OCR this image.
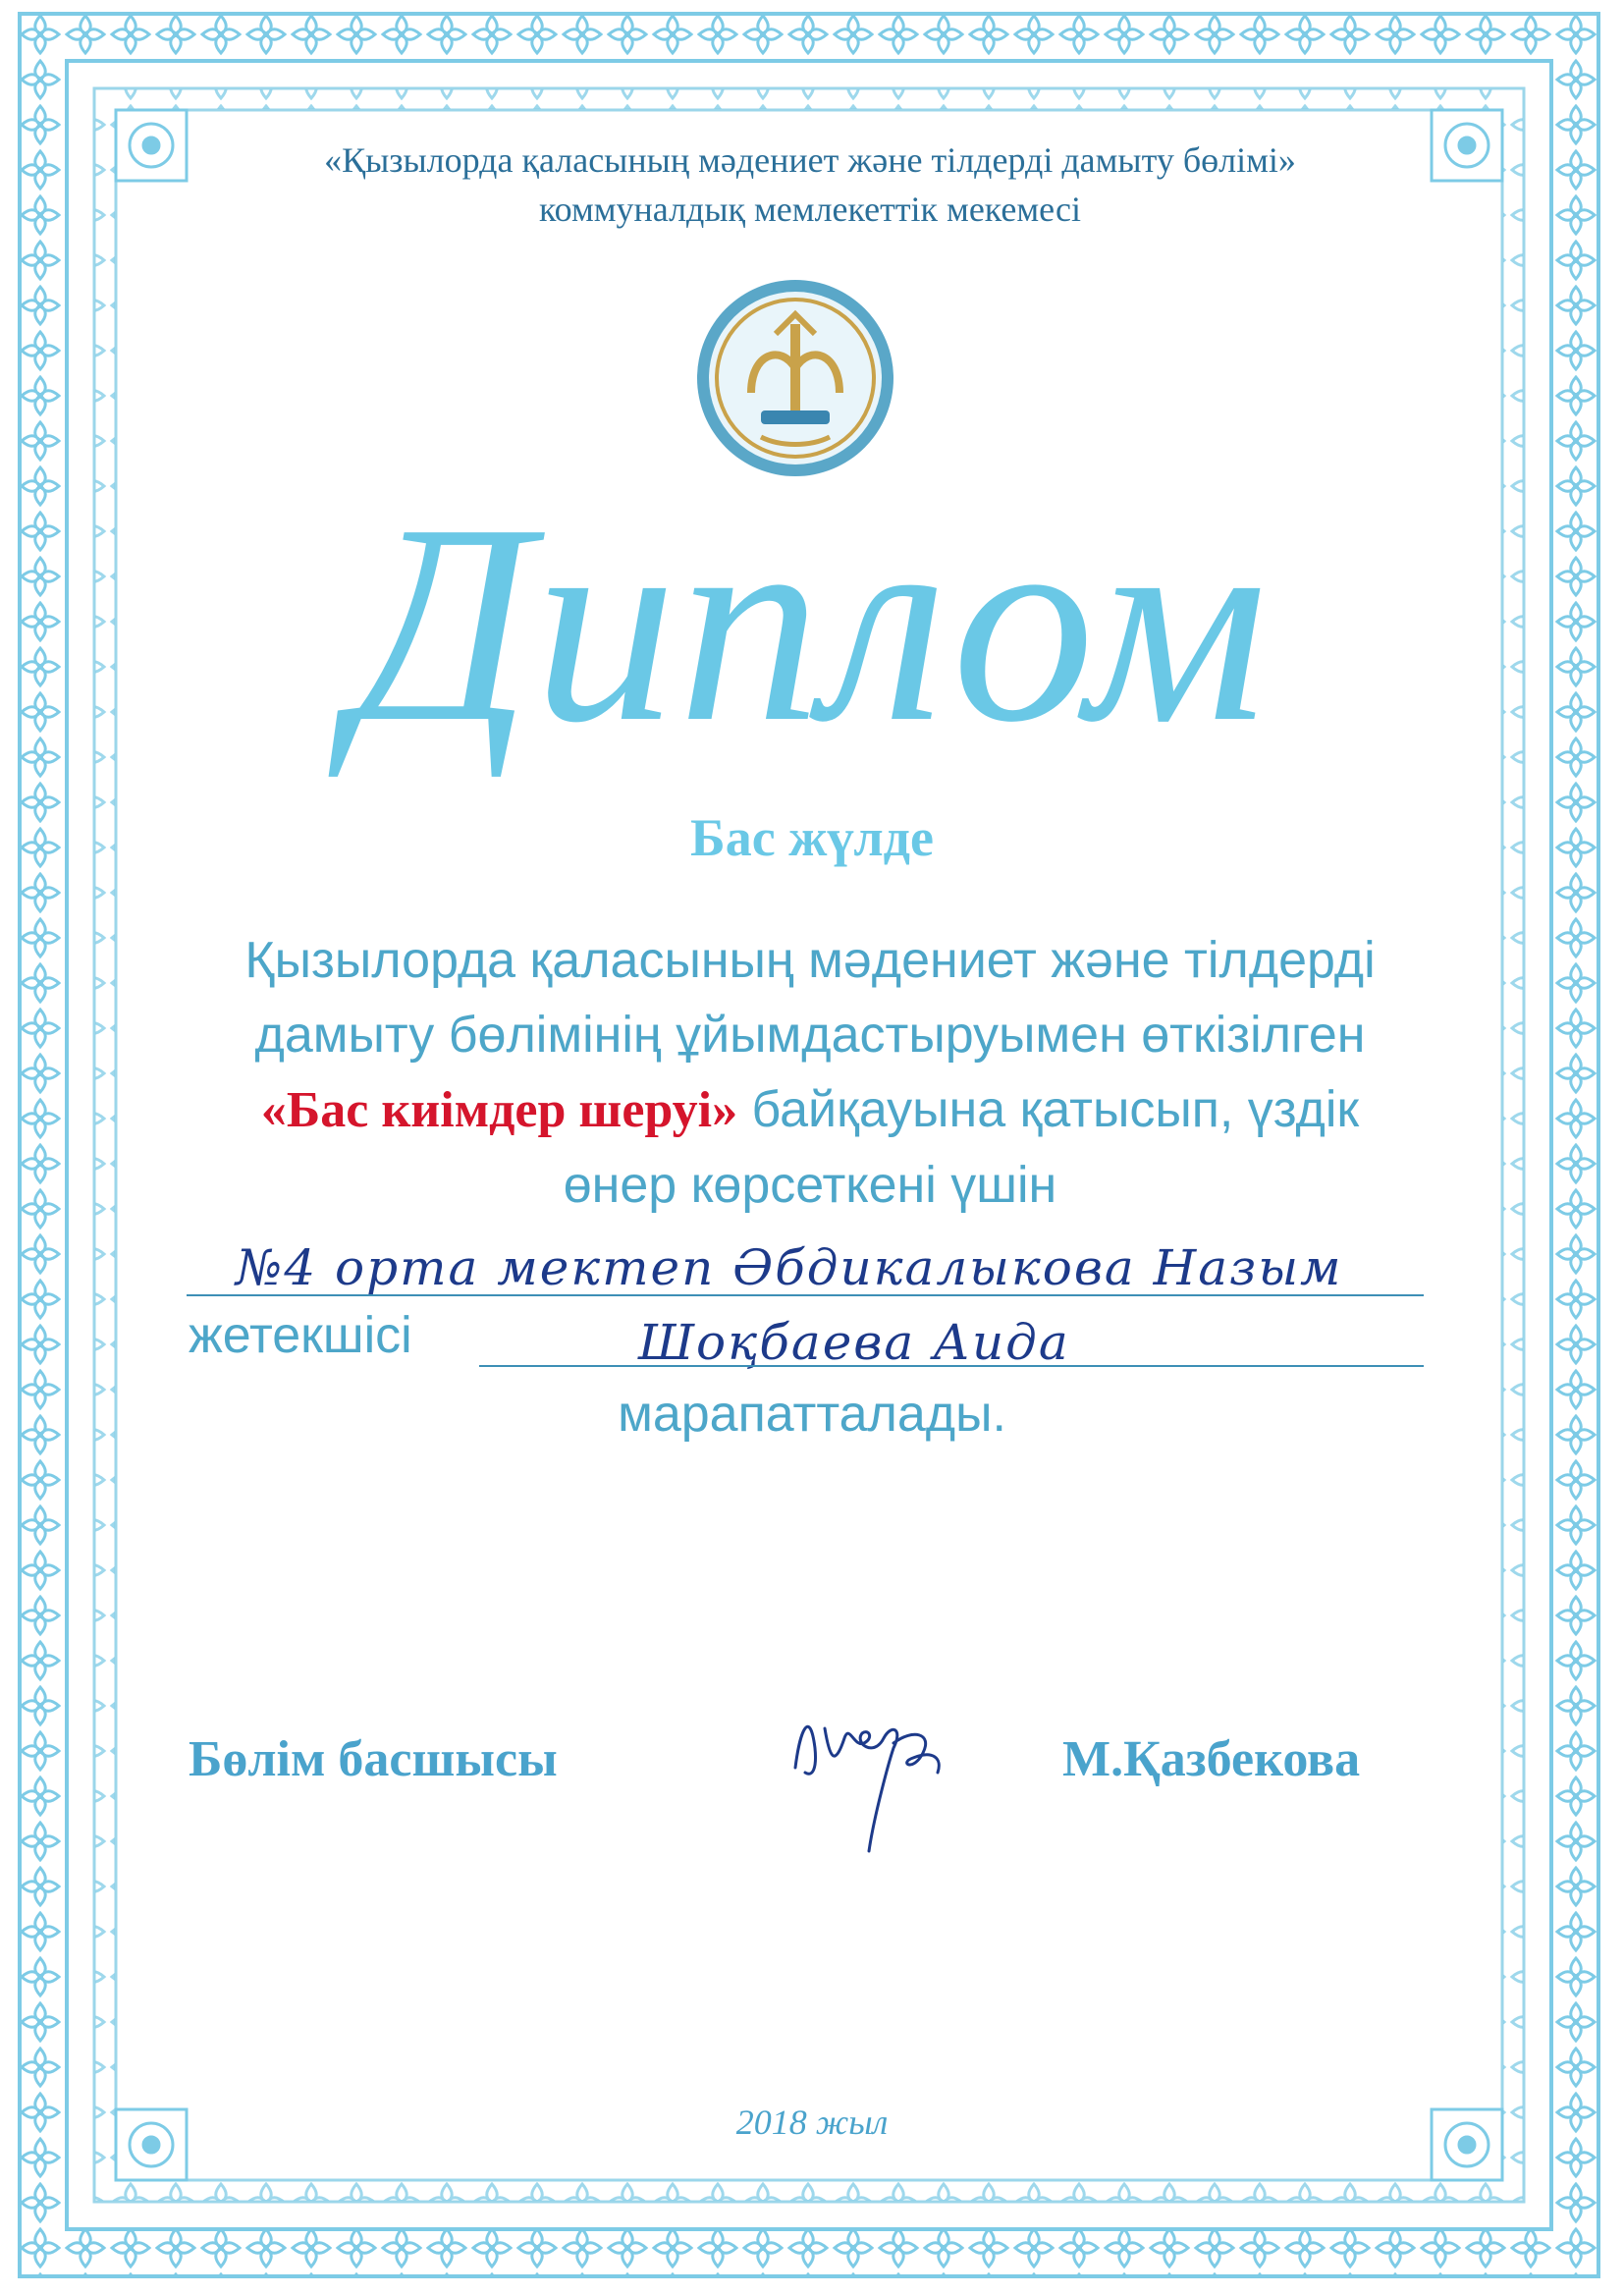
«Қызылорда қаласының мәдениет және тілдерді дамыту бөлімі»
коммуналдық мемлекеттік мекемесі
Диплом
Бас жүлде
Қызылорда қаласының мәдениет және тілдерді
дамыту бөлімінің ұйымдастыруымен өткізілген
«Бас киімдер шеруі» байқауына қатысып, үздік
өнер көрсеткені үшін
№4 орта мектеп Әбдикалыкова Назым
жетекшісі	Шоқбаева Аида
марапатталады.
Бөлім басшысы	М.Қазбекова
2018 жыл
